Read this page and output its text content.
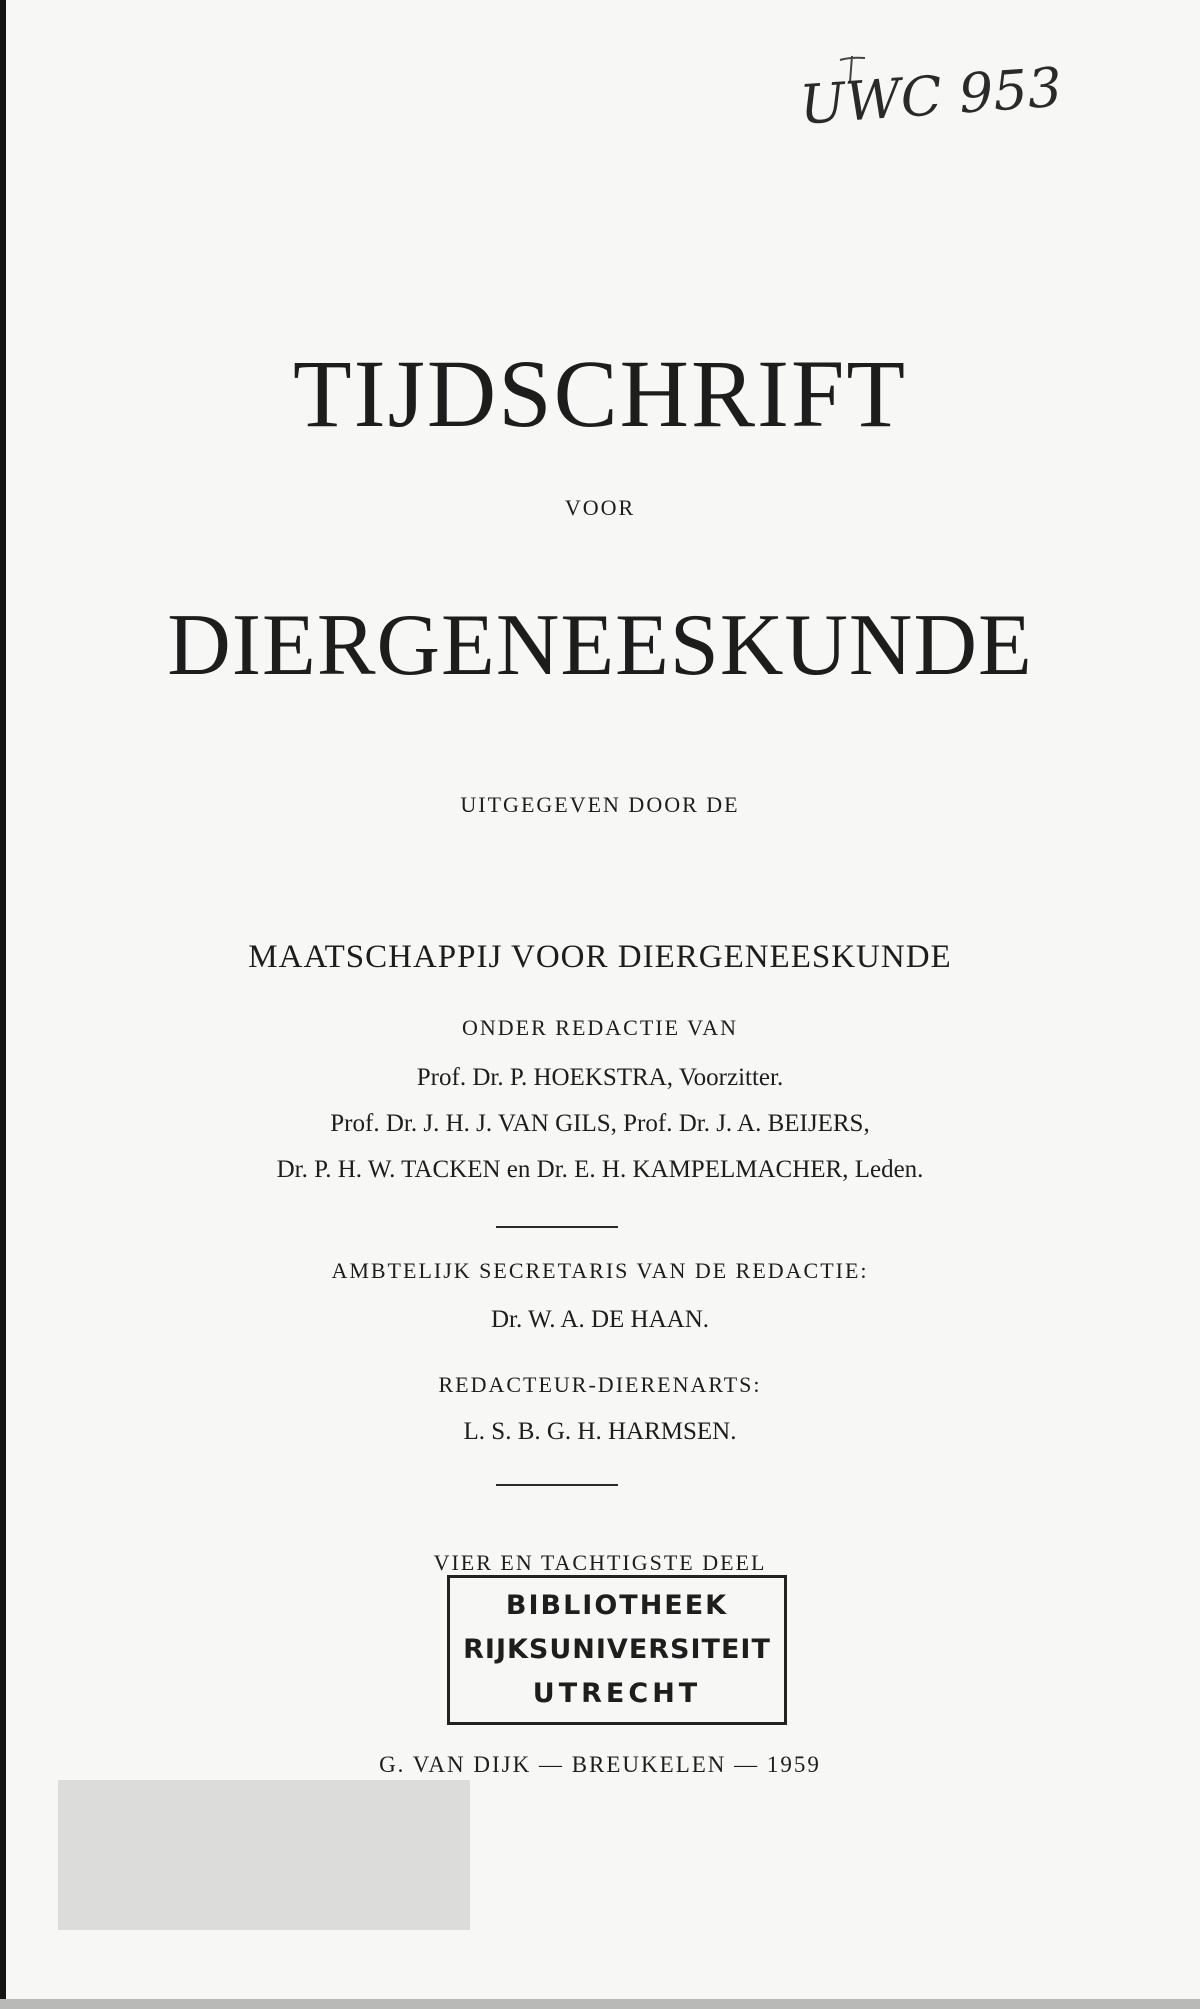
UWC 953
TIJDSCHRIFT
VOOR
DIERGENEESKUNDE
UITGEGEVEN DOOR DE
MAATSCHAPPIJ VOOR DIERGENEESKUNDE
ONDER REDACTIE VAN
Prof. Dr. P. HOEKSTRA, Voorzitter.
Prof. Dr. J. H. J. VAN GILS, Prof. Dr. J. A. BEIJERS,
Dr. P. H. W. TACKEN en Dr. E. H. KAMPELMACHER, Leden.
AMBTELIJK SECRETARIS VAN DE REDACTIE:
Dr. W. A. DE HAAN.
REDACTEUR-DIERENARTS:
L. S. B. G. H. HARMSEN.
VIER EN TACHTIGSTE DEEL
BIBLIOTHEEK
RIJKSUNIVERSITEIT
UTRECHT
G. VAN DIJK — BREUKELEN — 1959
